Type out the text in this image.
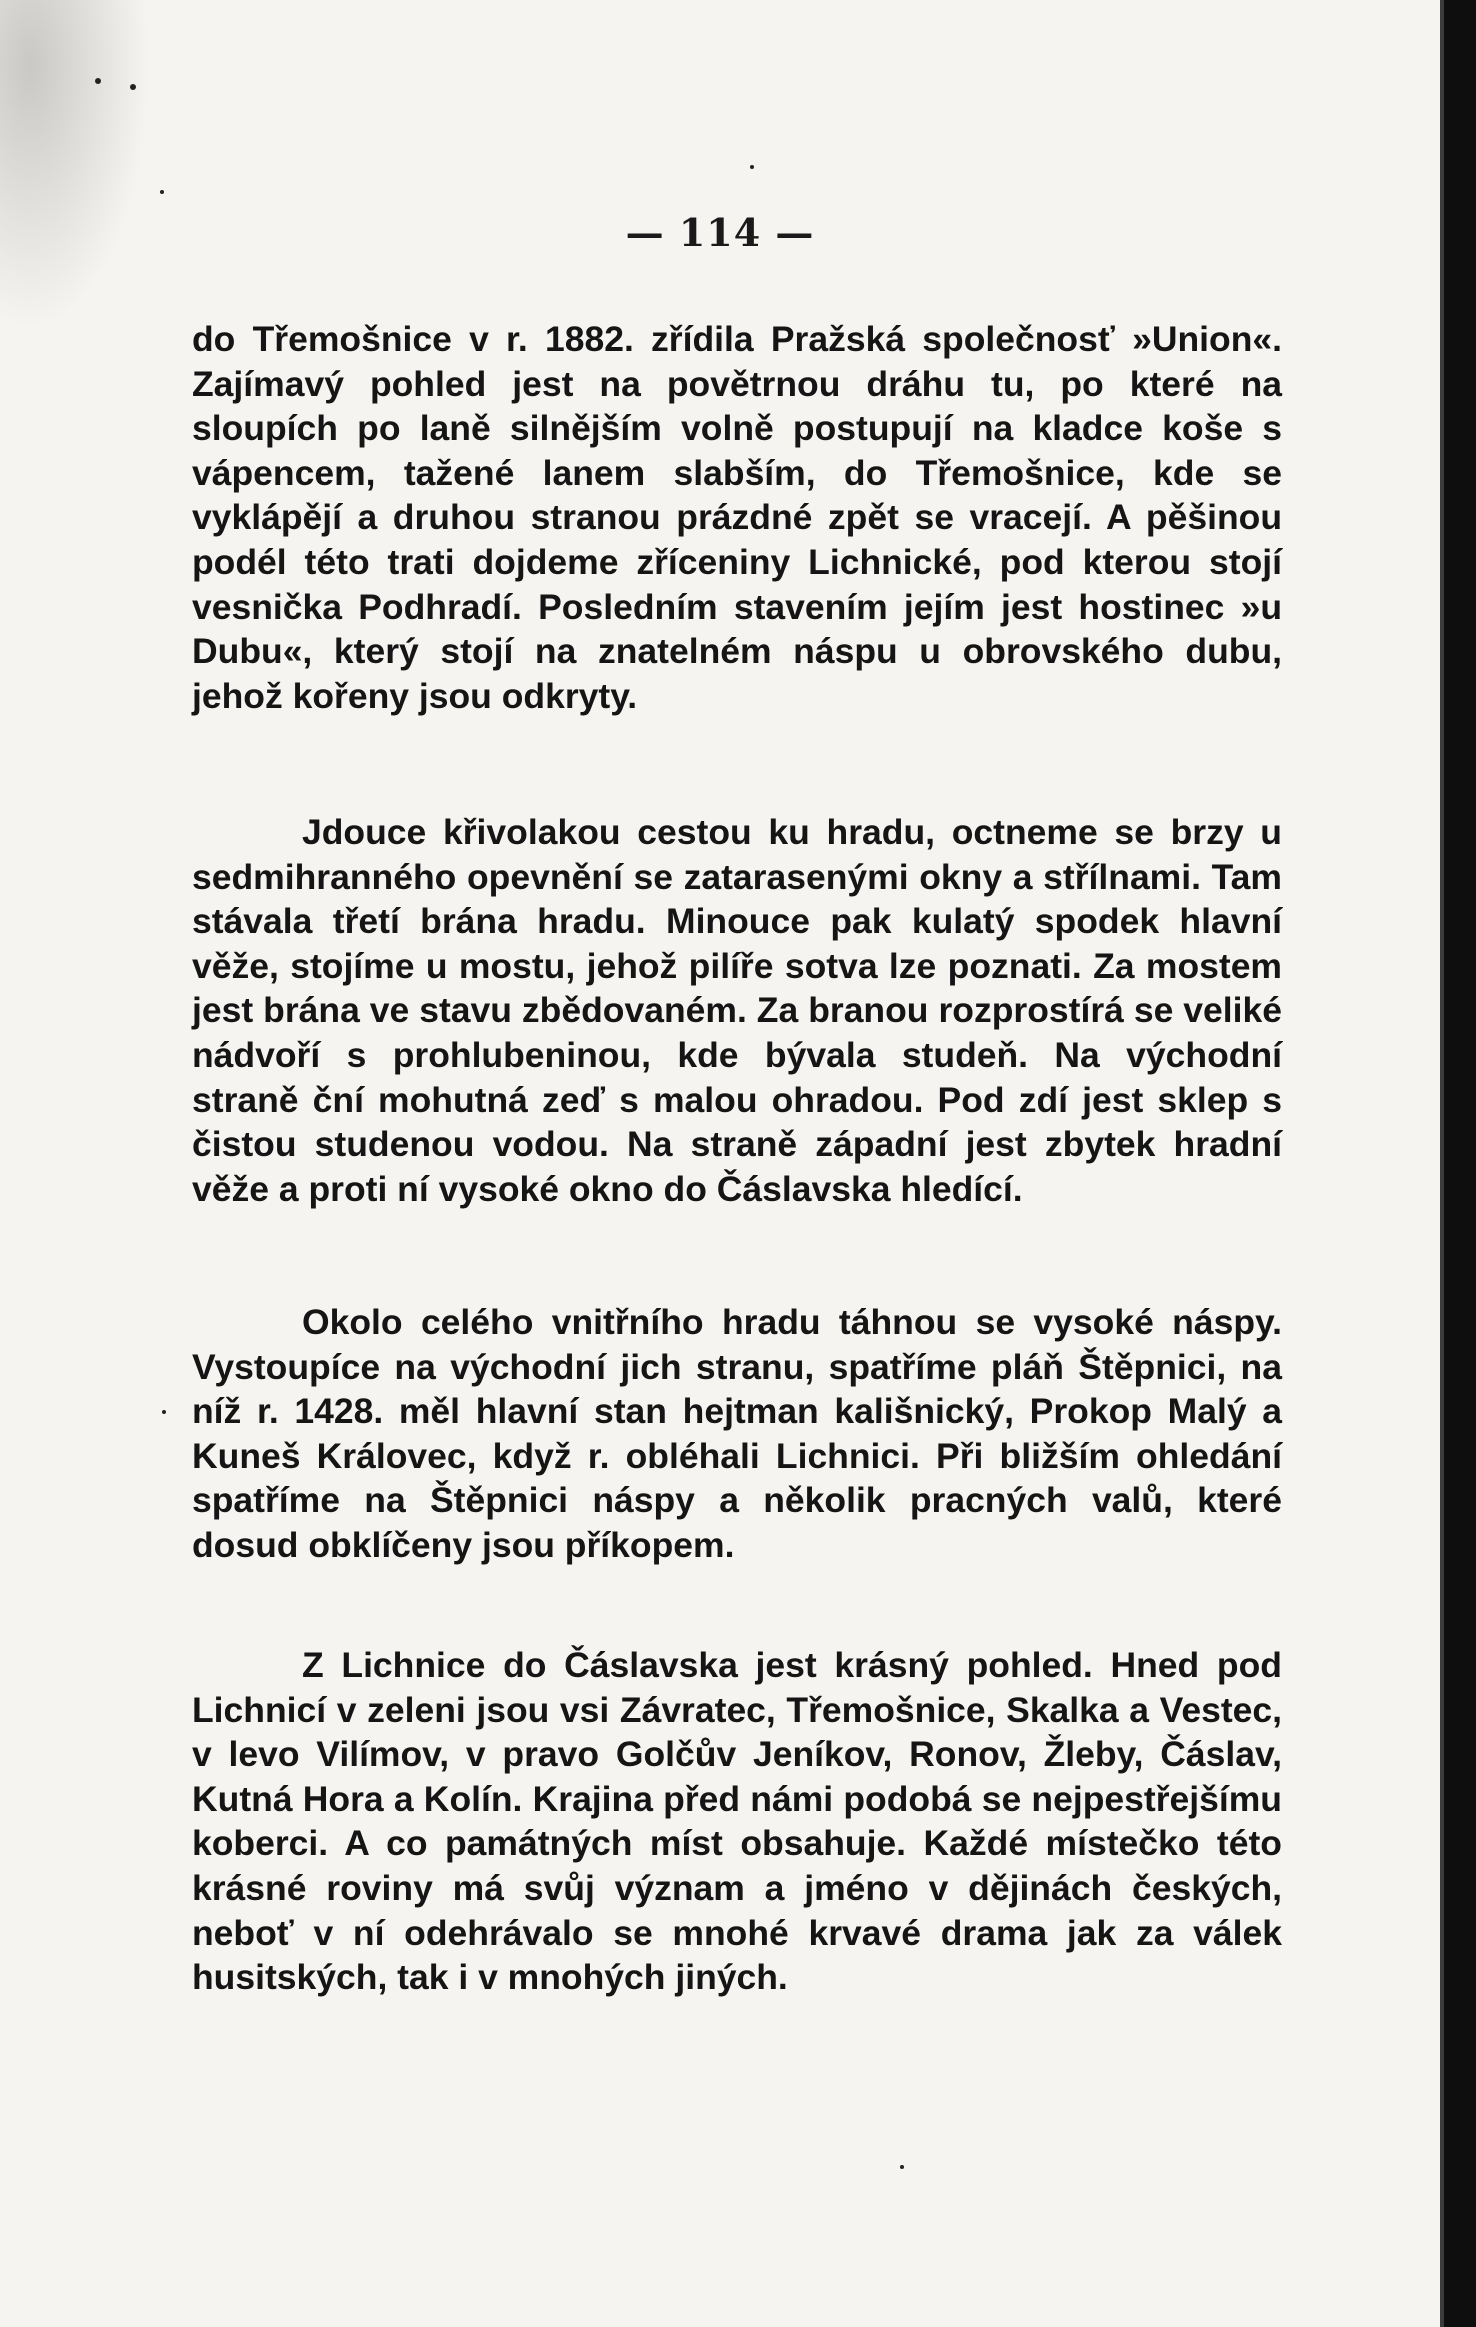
— 114 —

do Třemošnice v r. 1882. zřídila Pražská společnosť »Union«. Zajímavý pohled jest na povětrnou dráhu tu, po které na sloupích po laně silnějším volně postupují na kladce koše s vápencem, tažené lanem slabším, do Třemošnice, kde se vyklápějí a druhou stranou prázdné zpět se vracejí. A pěšinou podél této trati dojdeme zříceniny Lichnické, pod kterou stojí vesnička Podhradí. Posledním stavením jejím jest hostinec »u Dubu«, který stojí na znatelném náspu u obrovského dubu, jehož kořeny jsou odkryty.

Jdouce křivolakou cestou ku hradu, octneme se brzy u sedmihranného opevnění se zatarasenými okny a střílnami. Tam stávala třetí brána hradu. Minouce pak kulatý spodek hlavní věže, stojíme u mostu, jehož pilíře sotva lze poznati. Za mostem jest brána ve stavu zbědovaném. Za branou rozprostírá se veliké nádvoří s prohlubeninou, kde bývala studeň. Na východní straně ční mohutná zeď s malou ohradou. Pod zdí jest sklep s čistou studenou vodou. Na straně západní jest zbytek hradní věže a proti ní vysoké okno do Čáslavska hledící.

Okolo celého vnitřního hradu táhnou se vysoké náspy. Vystoupíce na východní jich stranu, spatříme pláň Štěpnici, na níž r. 1428. měl hlavní stan hejtman kališnický, Prokop Malý a Kuneš Královec, když r. obléhali Lichnici. Při bližším ohledání spatříme na Štěpnici náspy a několik pracných valů, které dosud obklíčeny jsou příkopem.

Z Lichnice do Čáslavska jest krásný pohled. Hned pod Lichnicí v zeleni jsou vsi Závratec, Třemošnice, Skalka a Vestec, v levo Vilímov, v pravo Golčův Jeníkov, Ronov, Žleby, Čáslav, Kutná Hora a Kolín. Krajina před námi podobá se nejpestřejšímu koberci. A co památných míst obsahuje. Každé místečko této krásné roviny má svůj význam a jméno v dějinách českých, neboť v ní odehrávalo se mnohé krvavé drama jak za válek husitských, tak i v mnohých jiných.
